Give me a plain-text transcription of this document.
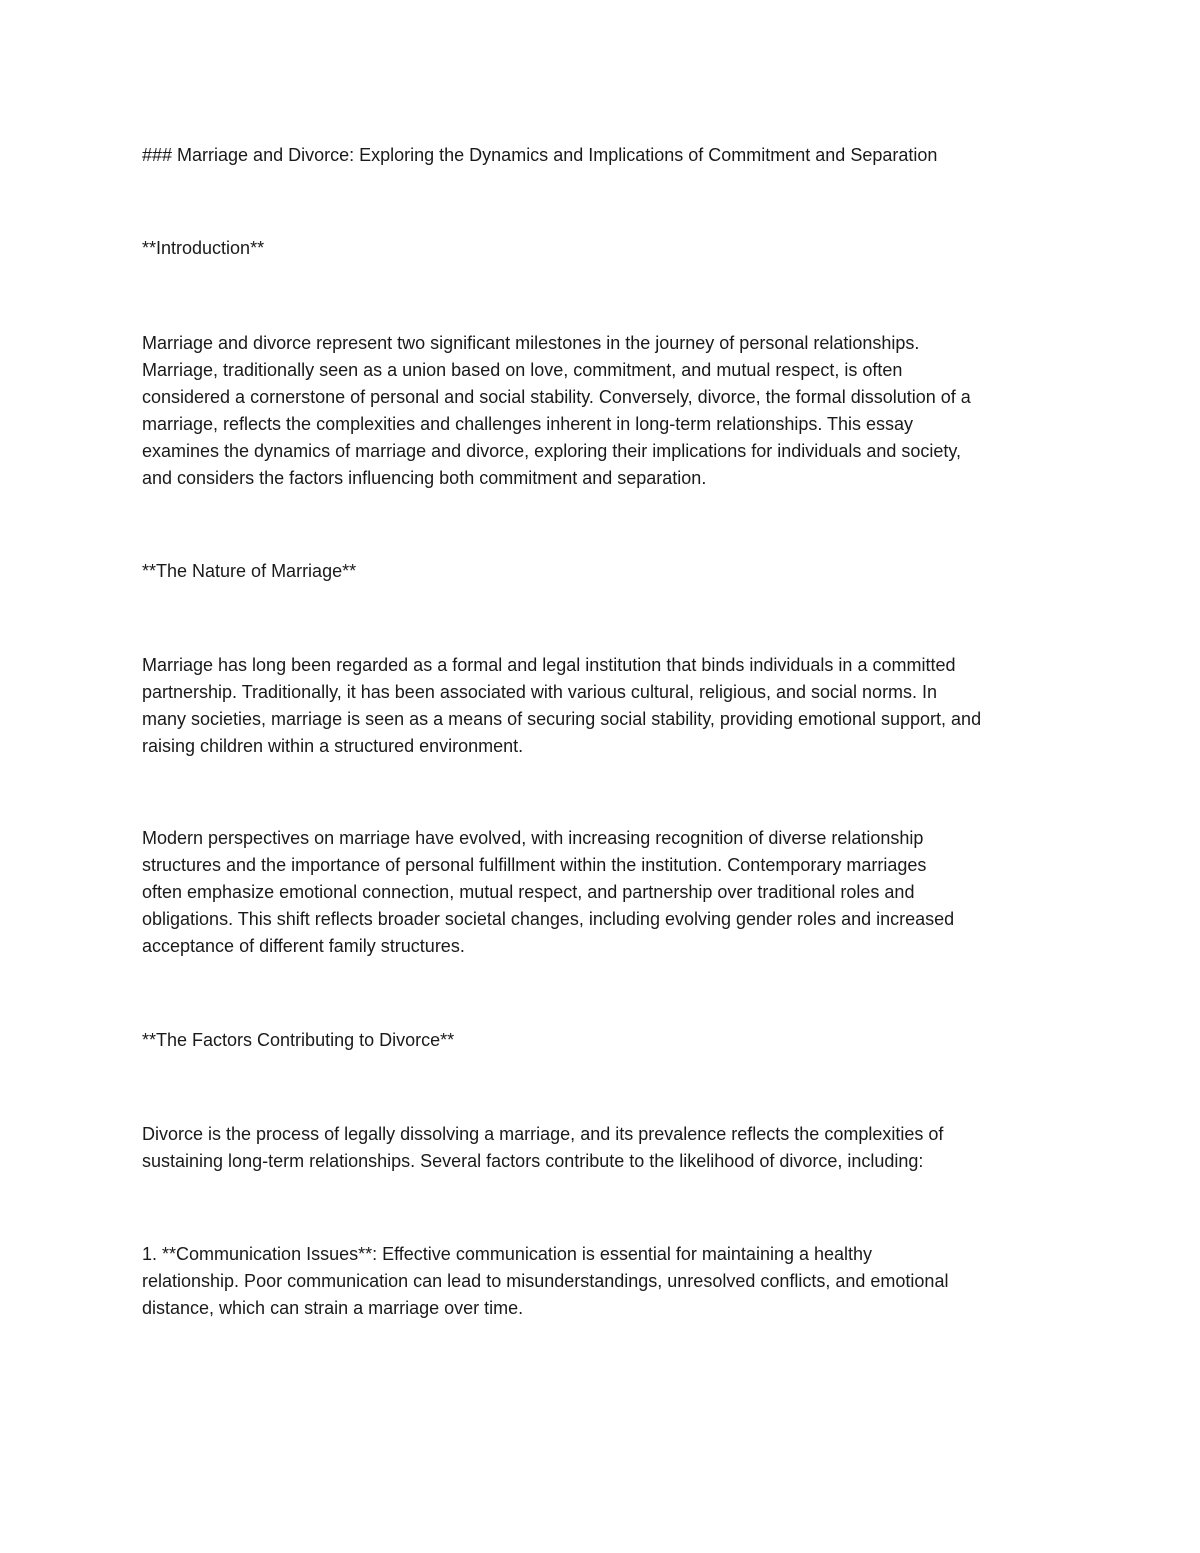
### Marriage and Divorce: Exploring the Dynamics and Implications of Commitment and Separation

**Introduction**

Marriage and divorce represent two significant milestones in the journey of personal relationships.
Marriage, traditionally seen as a union based on love, commitment, and mutual respect, is often
considered a cornerstone of personal and social stability. Conversely, divorce, the formal dissolution of a
marriage, reflects the complexities and challenges inherent in long-term relationships. This essay
examines the dynamics of marriage and divorce, exploring their implications for individuals and society,
and considers the factors influencing both commitment and separation.

**The Nature of Marriage**

Marriage has long been regarded as a formal and legal institution that binds individuals in a committed
partnership. Traditionally, it has been associated with various cultural, religious, and social norms. In
many societies, marriage is seen as a means of securing social stability, providing emotional support, and
raising children within a structured environment.

Modern perspectives on marriage have evolved, with increasing recognition of diverse relationship
structures and the importance of personal fulfillment within the institution. Contemporary marriages
often emphasize emotional connection, mutual respect, and partnership over traditional roles and
obligations. This shift reflects broader societal changes, including evolving gender roles and increased
acceptance of different family structures.

**The Factors Contributing to Divorce**

Divorce is the process of legally dissolving a marriage, and its prevalence reflects the complexities of
sustaining long-term relationships. Several factors contribute to the likelihood of divorce, including:

1. **Communication Issues**: Effective communication is essential for maintaining a healthy
relationship. Poor communication can lead to misunderstandings, unresolved conflicts, and emotional
distance, which can strain a marriage over time.
